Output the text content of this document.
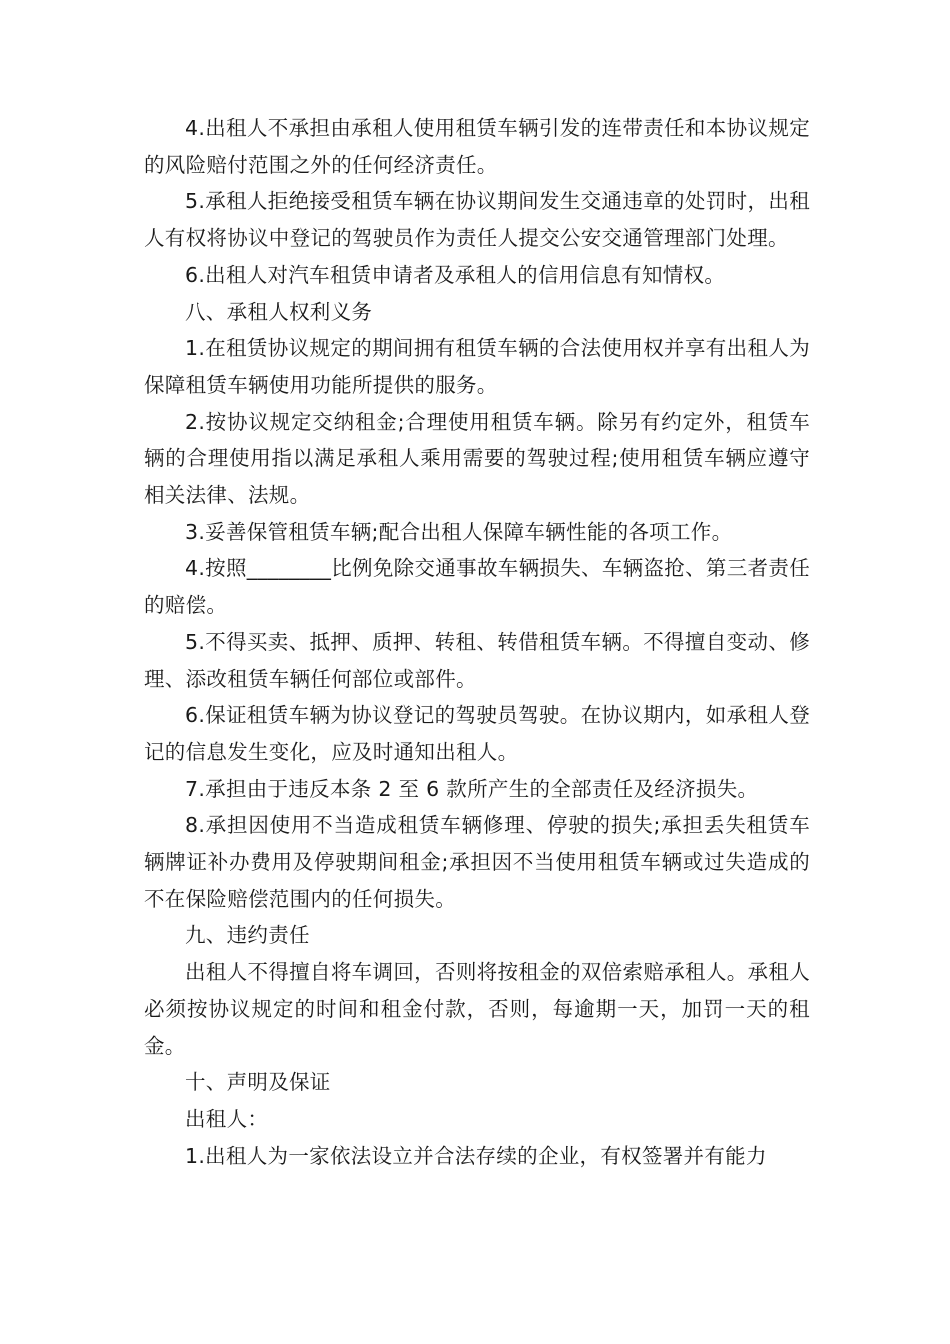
4.出租人不承担由承租人使用租赁车辆引发的连带责任和本协议规定的风险赔付范围之外的任何经济责任。

5.承租人拒绝接受租赁车辆在协议期间发生交通违章的处罚时，出租人有权将协议中登记的驾驶员作为责任人提交公安交通管理部门处理。

6.出租人对汽车租赁申请者及承租人的信用信息有知情权。

八、承租人权利义务

1.在租赁协议规定的期间拥有租赁车辆的合法使用权并享有出租人为保障租赁车辆使用功能所提供的服务。

2.按协议规定交纳租金;合理使用租赁车辆。除另有约定外，租赁车辆的合理使用指以满足承租人乘用需要的驾驶过程;使用租赁车辆应遵守相关法律、法规。

3.妥善保管租赁车辆;配合出租人保障车辆性能的各项工作。

4.按照________比例免除交通事故车辆损失、车辆盗抢、第三者责任的赔偿。

5.不得买卖、抵押、质押、转租、转借租赁车辆。不得擅自变动、修理、添改租赁车辆任何部位或部件。

6.保证租赁车辆为协议登记的驾驶员驾驶。在协议期内，如承租人登记的信息发生变化，应及时通知出租人。

7.承担由于违反本条 2 至 6 款所产生的全部责任及经济损失。

8.承担因使用不当造成租赁车辆修理、停驶的损失;承担丢失租赁车辆牌证补办费用及停驶期间租金;承担因不当使用租赁车辆或过失造成的不在保险赔偿范围内的任何损失。

九、违约责任

出租人不得擅自将车调回，否则将按租金的双倍索赔承租人。承租人必须按协议规定的时间和租金付款，否则，每逾期一天，加罚一天的租金。

十、声明及保证

出租人：

1.出租人为一家依法设立并合法存续的企业，有权签署并有能力
